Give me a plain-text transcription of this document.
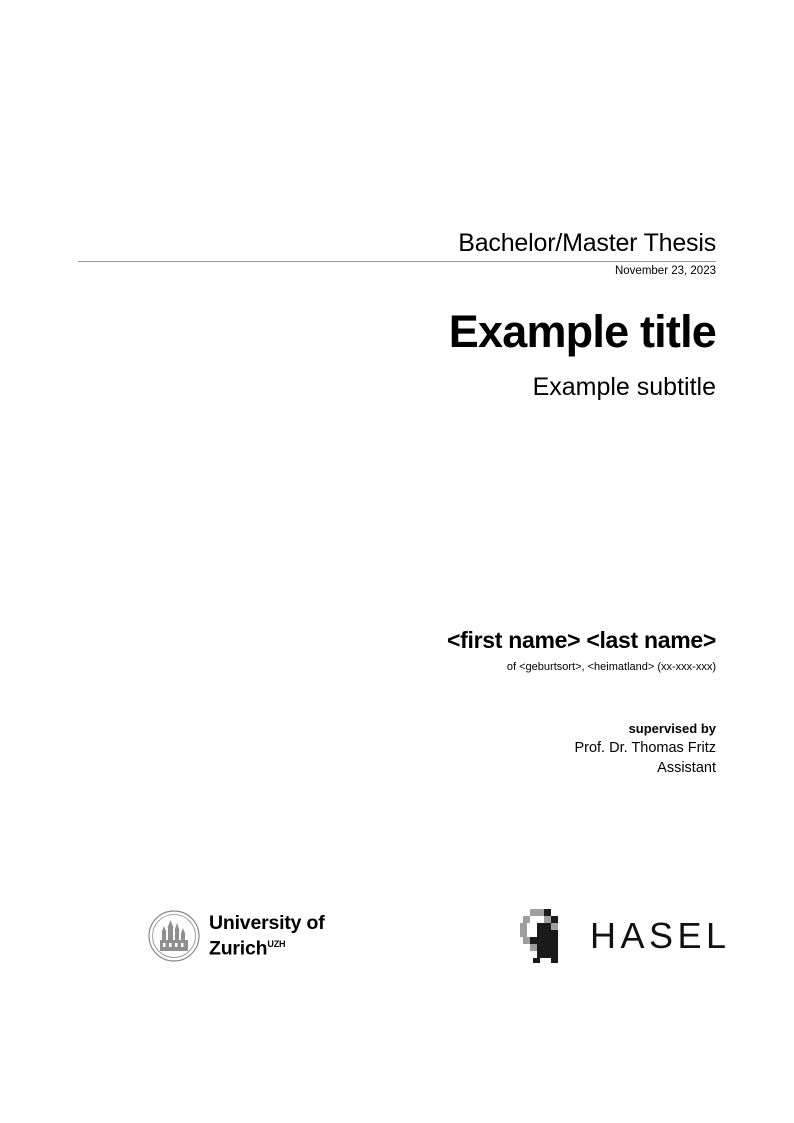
Bachelor/Master Thesis
November 23, 2023
Example title
Example subtitle
<first name> <last name>
of <geburtsort>, <heimatland> (xx-xxx-xxx)
supervised by
Prof. Dr. Thomas Fritz
Assistant
University of
Zurich$^{UZH}$	HASEL
